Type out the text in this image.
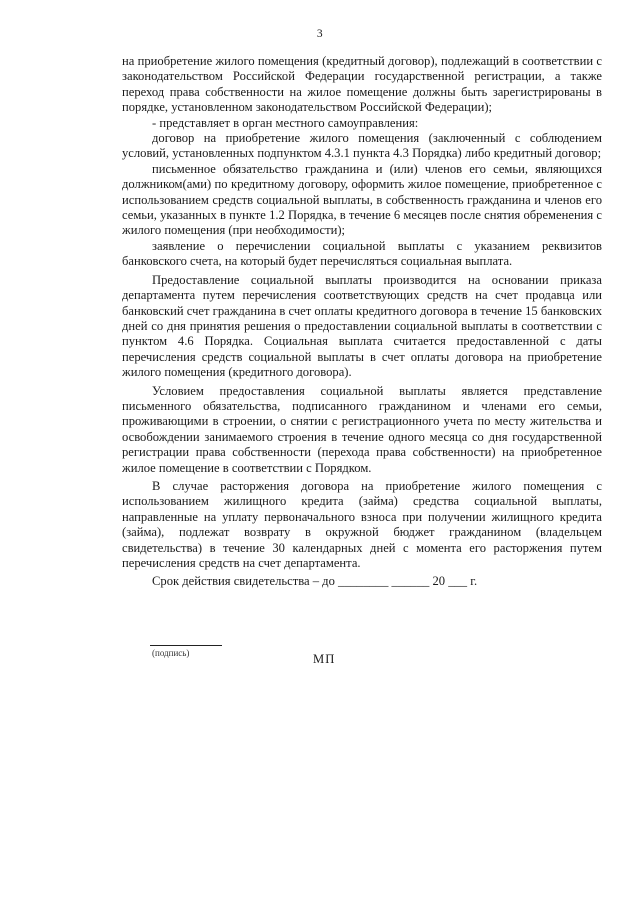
3

на приобретение жилого помещения (кредитный договор), подлежащий в соответствии с законодательством Российской Федерации государственной регистрации, а также переход права собственности на жилое помещение должны быть зарегистрированы в порядке, установленном законодательством Российской Федерации);

- представляет в орган местного самоуправления:

договор на приобретение жилого помещения (заключенный с соблюдением условий, установленных подпунктом 4.3.1 пункта 4.3 Порядка) либо кредитный договор;

письменное обязательство гражданина и (или) членов его семьи, являющихся должником(ами) по кредитному договору, оформить жилое помещение, приобретенное с использованием средств социальной выплаты, в собственность гражданина и членов его семьи, указанных в пункте 1.2 Порядка, в течение 6 месяцев после снятия обременения с жилого помещения (при необходимости);

заявление о перечислении социальной выплаты с указанием реквизитов банковского счета, на который будет перечисляться социальная выплата.

Предоставление социальной выплаты производится на основании приказа департамента путем перечисления соответствующих средств на счет продавца или банковский счет гражданина в счет оплаты кредитного договора в течение 15 банковских дней со дня принятия решения о предоставлении социальной выплаты в соответствии с пунктом 4.6 Порядка. Социальная выплата считается предоставленной с даты перечисления средств социальной выплаты в счет оплаты договора на приобретение жилого помещения (кредитного договора).

Условием предоставления социальной выплаты является представление письменного обязательства, подписанного гражданином и членами его семьи, проживающими в строении, о снятии с регистрационного учета по месту жительства и освобождении занимаемого строения в течение одного месяца со дня государственной регистрации права собственности (перехода права собственности) на приобретенное жилое помещение в соответствии с Порядком.

В случае расторжения договора на приобретение жилого помещения с использованием жилищного кредита (займа) средства социальной выплаты, направленные на уплату первоначального взноса при получении жилищного кредита (займа), подлежат возврату в окружной бюджет гражданином (владельцем свидетельства) в течение 30 календарных дней с момента его расторжения путем перечисления средств на счет департамента.

Срок действия свидетельства – до ________ ______ 20 ___ г.

(подпись)	МП
